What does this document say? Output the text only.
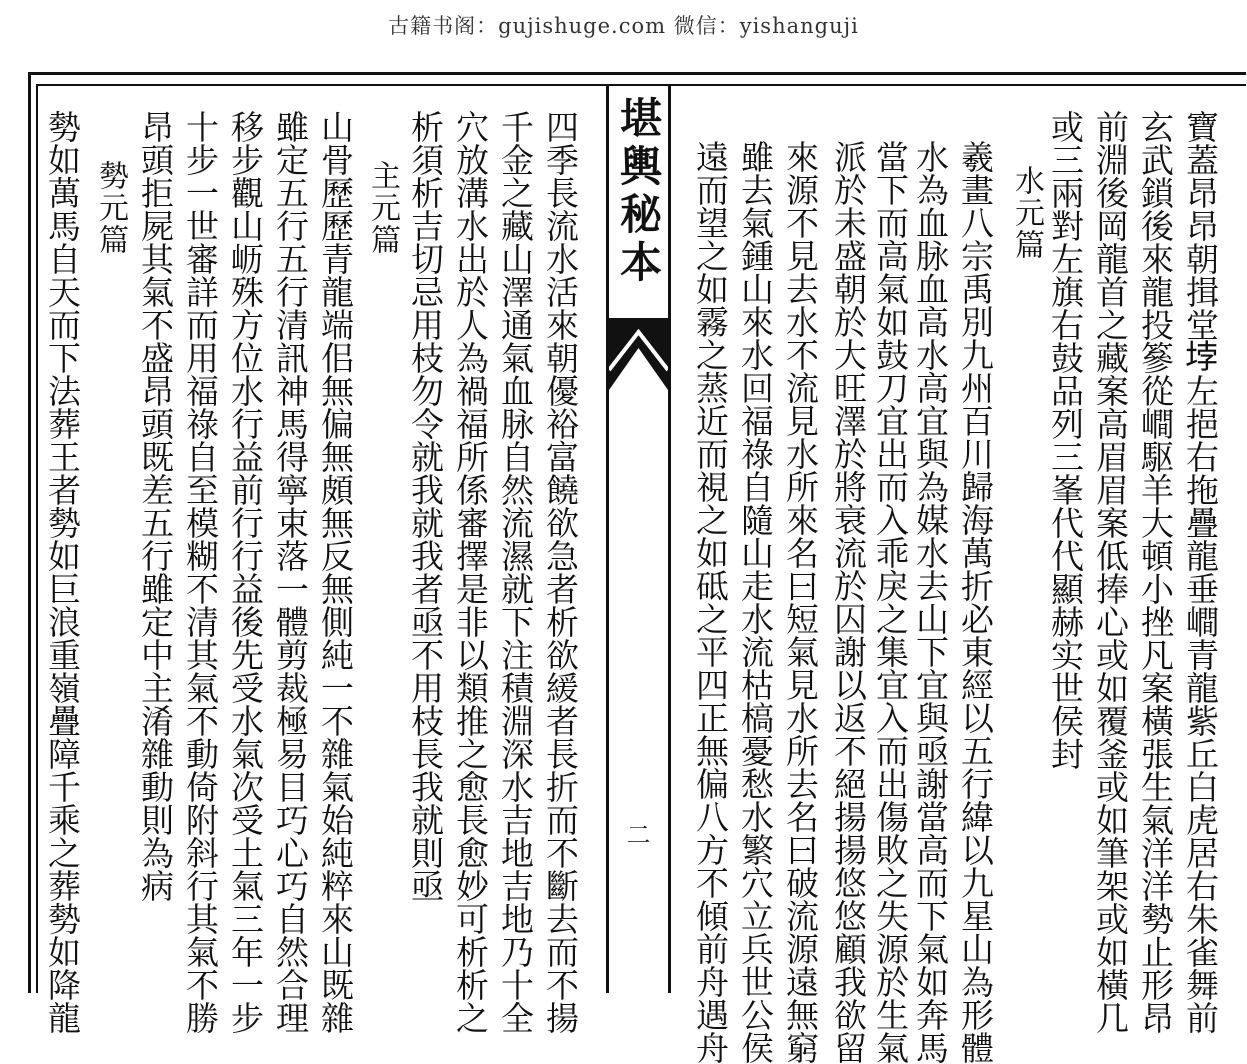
古籍书阁：gujishuge.com 微信：yishanguji
堪輿秘本
二	寶蓋昂昂朝揖堂𡋯左挹右拖疊龍垂𡼏青龍紫丘白虎居右朱雀舞前
玄武鎖後來龍投篸從𡼏駆羊大頓小挫凡案橫張生氣洋洋勢止形昂
前淵後岡龍首之藏案高眉眉案低捧心或如覆釜或如筆架或如橫几
或三兩對左旗右鼓品列三峯代代顯赫实世侯封
水元篇
羲畫八宗禹別九州百川歸海萬折必東經以五行緯以九星山為形體
水為血脉血高水高宜與為媒水去山下宜與亟謝當高而下氣如奔馬
當下而高氣如鼓刀宜出而入乖戾之集宜入而出傷敗之失源於生氣
派於未盛朝於大旺澤於將衰流於囚謝以返不絕揚揚悠悠顧我欲留
來源不見去水不流見水所來名曰短氣見水所去名曰破流源遠無窮
雖去氣鍾山來水回福祿自隨山走水流枯槁憂愁水繁穴立兵世公侯
遠而望之如霧之蒸近而視之如砥之平四正無偏八方不傾前舟遇舟
四季長流水活來朝優裕富饒欲急者析欲緩者長折而不斷去而不揚
千金之藏山澤通氣血脉自然流濕就下注積淵深水吉地吉地乃十全
穴放溝水出於人為禍福所係審擇是非以類推之愈長愈妙可析析之
析須析吉切忌用枝勿令就我就我者亟不用枝長我就則亟
主元篇
山骨歷歷青龍端佀無偏無頗無反無側純一不雜氣始純粹來山既雜
雖定五行五行清訊神馬得寧束落一體剪裁極易目巧心巧自然合理
移步觀山𫵷殊方位水行益前行行益後先受水氣次受土氣三年一步
十步一世審詳而用福祿自至模糊不清其氣不動倚附斜行其氣不勝
昂頭拒屍其氣不盛昂頭既差五行雖定中主淆雜動則為病
勢元篇
勢如萬馬自天而下法葬王者勢如巨浪重嶺疊障千乘之葬勢如降龍
